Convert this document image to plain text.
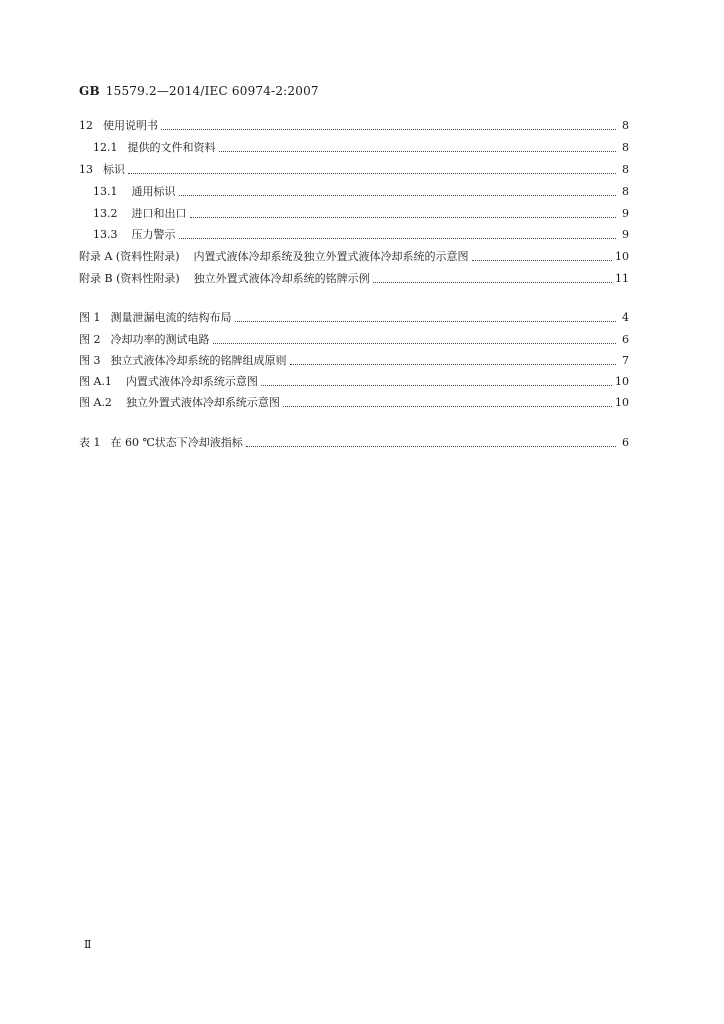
GB 15579.2—2014/IEC 60974-2:2007
12 使用说明书	8
12.1 提供的文件和资料	8
13 标识	8
13.1 通用标识	8
13.2 进口和出口	9
13.3 压力警示	9
附录 A (资料性附录) 内置式液体冷却系统及独立外置式液体冷却系统的示意图	10
附录 B (资料性附录) 独立外置式液体冷却系统的铭牌示例	11
图 1 测量泄漏电流的结构布局	4
图 2 冷却功率的测试电路	6
图 3 独立式液体冷却系统的铭牌组成原则	7
图 A.1 内置式液体冷却系统示意图	10
图 A.2 独立外置式液体冷却系统示意图	10
表 1 在 60 ℃状态下冷却液指标	6
Ⅱ
